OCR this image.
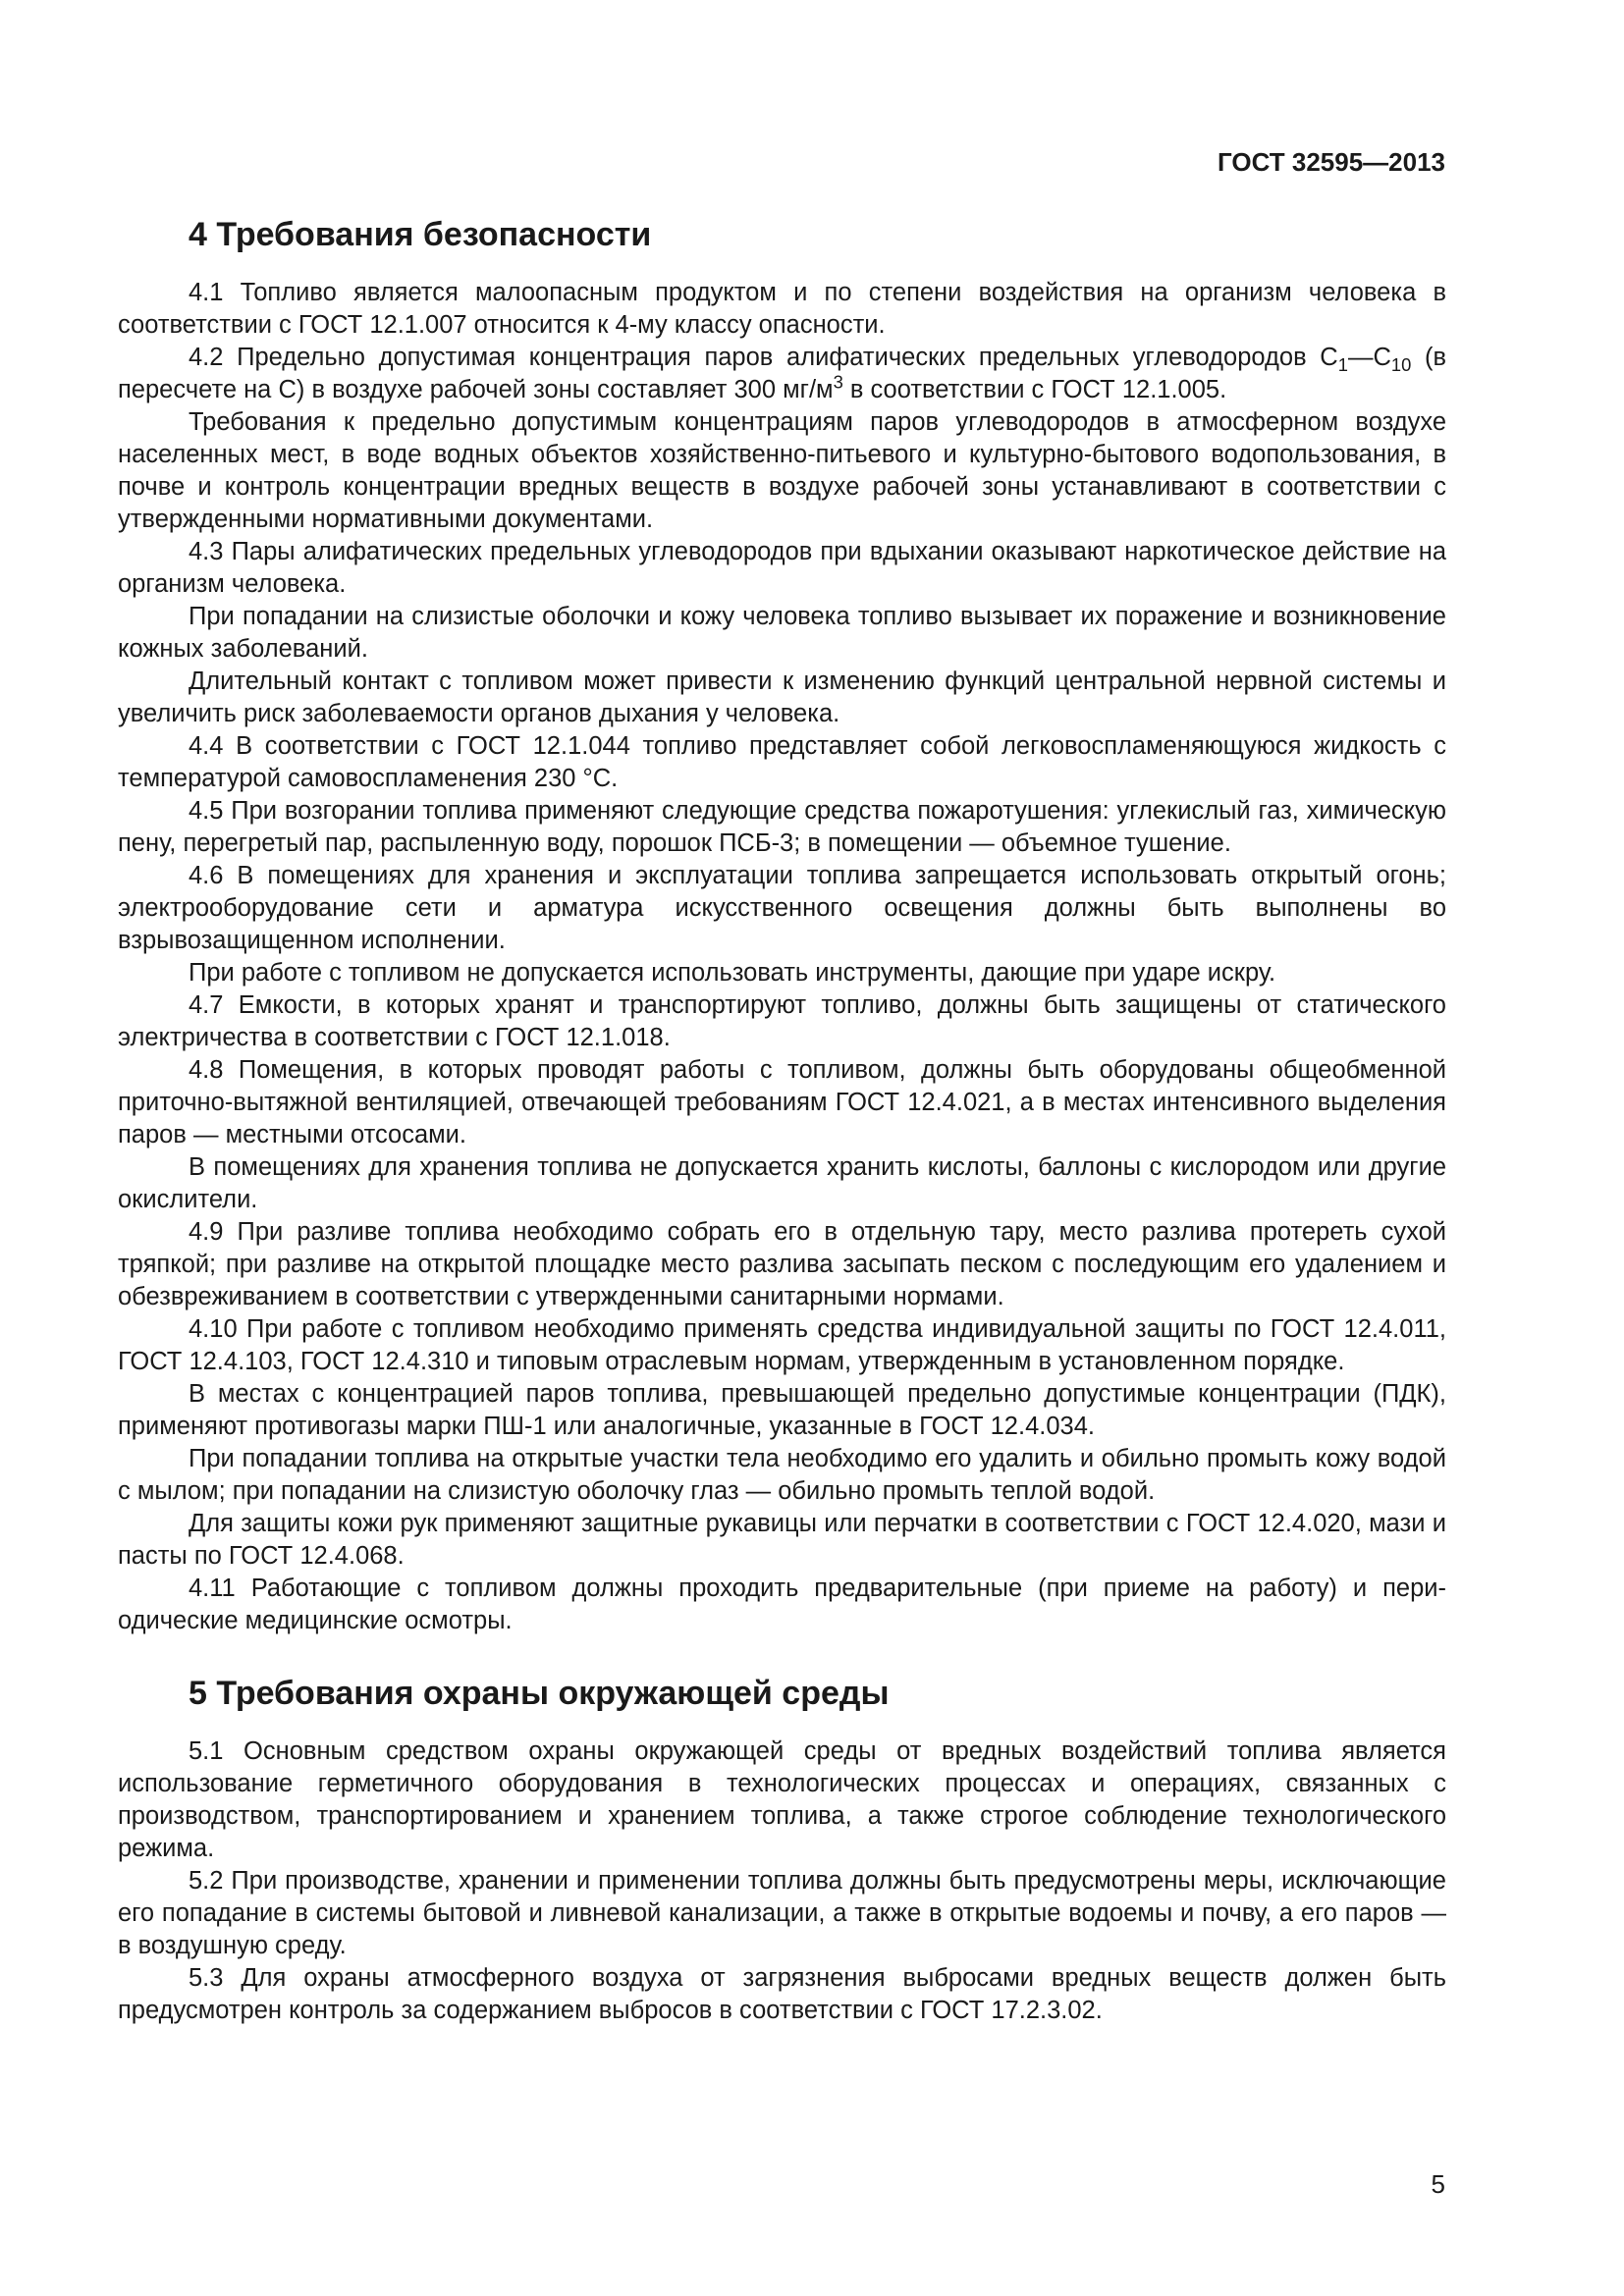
ГОСТ 32595—2013
4 Требования безопасности

4.1 Топливо является малоопасным продуктом и по степени воздействия на организм человека в соответствии с ГОСТ 12.1.007 относится к 4-му классу опасности.

4.2 Предельно допустимая концентрация паров алифатических предельных углеводородов $С_1—С_{10}$ (в пересчете на С) в воздухе рабочей зоны составляет 300 $мг/м^3$ в соответствии с ГОСТ 12.1.005.

Требования к предельно допустимым концентрациям паров углеводородов в атмосферном воздухе населенных мест, в воде водных объектов хозяйственно-питьевого и культурно-бытового водопользования, в почве и контроль концентрации вредных веществ в воздухе рабочей зоны устанавливают в соответствии с утвержденными нормативными документами.

4.3 Пары алифатических предельных углеводородов при вдыхании оказывают наркотическое действие на организм человека.

При попадании на слизистые оболочки и кожу человека топливо вызывает их поражение и возникновение кожных заболеваний.

Длительный контакт с топливом может привести к изменению функций центральной нервной системы и увеличить риск заболеваемости органов дыхания у человека.

4.4 В соответствии с ГОСТ 12.1.044 топливо представляет собой легковоспламеняющуюся жидкость с температурой самовоспламенения 230 °С.

4.5 При возгорании топлива применяют следующие средства пожаротушения: углекислый газ, химическую пену, перегретый пар, распыленную воду, порошок ПСБ-3; в помещении — объемное тушение.

4.6 В помещениях для хранения и эксплуатации топлива запрещается использовать открытый огонь; электрооборудование сети и арматура искусственного освещения должны быть выполнены во взрывозащищенном исполнении.

При работе с топливом не допускается использовать инструменты, дающие при ударе искру.

4.7 Емкости, в которых хранят и транспортируют топливо, должны быть защищены от статического электричества в соответствии с ГОСТ 12.1.018.

4.8 Помещения, в которых проводят работы с топливом, должны быть оборудованы общеобменной приточно-вытяжной вентиляцией, отвечающей требованиям ГОСТ 12.4.021, а в местах интенсивного выделения паров — местными отсосами.

В помещениях для хранения топлива не допускается хранить кислоты, баллоны с кислородом или другие окислители.

4.9 При разливе топлива необходимо собрать его в отдельную тару, место разлива протереть сухой тряпкой; при разливе на открытой площадке место разлива засыпать песком с последующим его удалением и обезвреживанием в соответствии с утвержденными санитарными нормами.

4.10 При работе с топливом необходимо применять средства индивидуальной защиты по ГОСТ 12.4.011, ГОСТ 12.4.103, ГОСТ 12.4.310 и типовым отраслевым нормам, утвержденным в установленном порядке.

В местах с концентрацией паров топлива, превышающей предельно допустимые концентрации (ПДК), применяют противогазы марки ПШ-1 или аналогичные, указанные в ГОСТ 12.4.034.

При попадании топлива на открытые участки тела необходимо его удалить и обильно промыть кожу водой с мылом; при попадании на слизистую оболочку глаз — обильно промыть теплой водой.

Для защиты кожи рук применяют защитные рукавицы или перчатки в соответствии с ГОСТ 12.4.020, мази и пасты по ГОСТ 12.4.068.

4.11 Работающие с топливом должны проходить предварительные (при приеме на работу) и периодические медицинские осмотры.

5 Требования охраны окружающей среды

5.1 Основным средством охраны окружающей среды от вредных воздействий топлива является использование герметичного оборудования в технологических процессах и операциях, связанных с производством, транспортированием и хранением топлива, а также строгое соблюдение технологического режима.

5.2 При производстве, хранении и применении топлива должны быть предусмотрены меры, исключающие его попадание в системы бытовой и ливневой канализации, а также в открытые водоемы и почву, а его паров — в воздушную среду.

5.3 Для охраны атмосферного воздуха от загрязнения выбросами вредных веществ должен быть предусмотрен контроль за содержанием выбросов в соответствии с ГОСТ 17.2.3.02.

5
